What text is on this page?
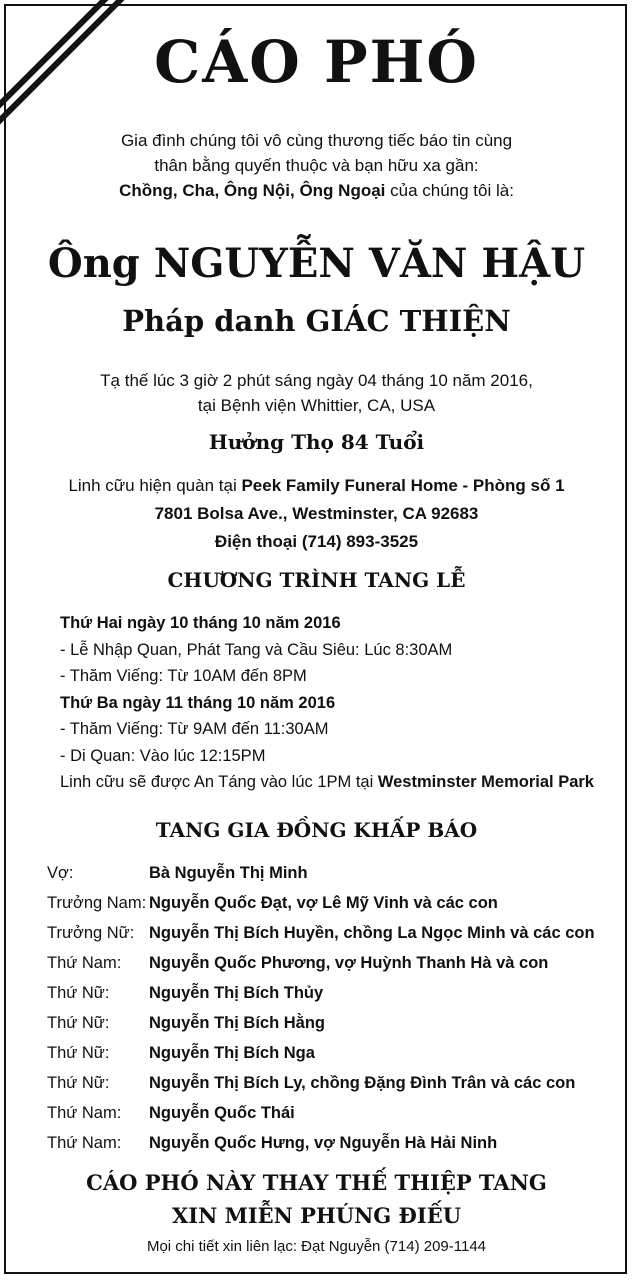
CÁO PHÓ
Gia đình chúng tôi vô cùng thương tiếc báo tin cùng
thân bằng quyến thuộc và bạn hữu xa gần:
Chồng, Cha, Ông Nội, Ông Ngoại của chúng tôi là:
Ông NGUYỄN VĂN HẬU
Pháp danh GIÁC THIỆN
Tạ thế lúc 3 giờ 2 phút sáng ngày 04 tháng 10 năm 2016,
tại Bệnh viện Whittier, CA, USA
Hưởng Thọ 84 Tuổi
Linh cữu hiện quàn tại Peek Family Funeral Home - Phòng số 1
7801 Bolsa Ave., Westminster, CA 92683
Điện thoại (714) 893-3525
CHƯƠNG TRÌNH TANG LỄ
Thứ Hai ngày 10 tháng 10 năm 2016
- Lễ Nhập Quan, Phát Tang và Cầu Siêu: Lúc 8:30AM
- Thăm Viếng: Từ 10AM đến 8PM
Thứ Ba ngày 11 tháng 10 năm 2016
- Thăm Viếng: Từ 9AM đến 11:30AM
- Di Quan: Vào lúc 12:15PM
Linh cữu sẽ được An Táng vào lúc 1PM tại Westminster Memorial Park
TANG GIA ĐỒNG KHẤP BÁO
Vợ:	Bà Nguyễn Thị Minh
Trưởng Nam: Nguyễn Quốc Đạt, vợ Lê Mỹ Vinh và các con
Trưởng Nữ: Nguyễn Thị Bích Huyền, chồng La Ngọc Minh và các con
Thứ Nam: Nguyễn Quốc Phương, vợ Huỳnh Thanh Hà và con
Thứ Nữ: Nguyễn Thị Bích Thủy
Thứ Nữ: Nguyễn Thị Bích Hằng
Thứ Nữ: Nguyễn Thị Bích Nga
Thứ Nữ: Nguyễn Thị Bích Ly, chồng Đặng Đình Trân và các con
Thứ Nam: Nguyễn Quốc Thái
Thứ Nam: Nguyễn Quốc Hưng, vợ Nguyễn Hà Hải Ninh
CÁO PHÓ NÀY THAY THẾ THIỆP TANG
XIN MIỄN PHÚNG ĐIẾU
Mọi chi tiết xin liên lạc: Đạt Nguyễn (714) 209-1144
